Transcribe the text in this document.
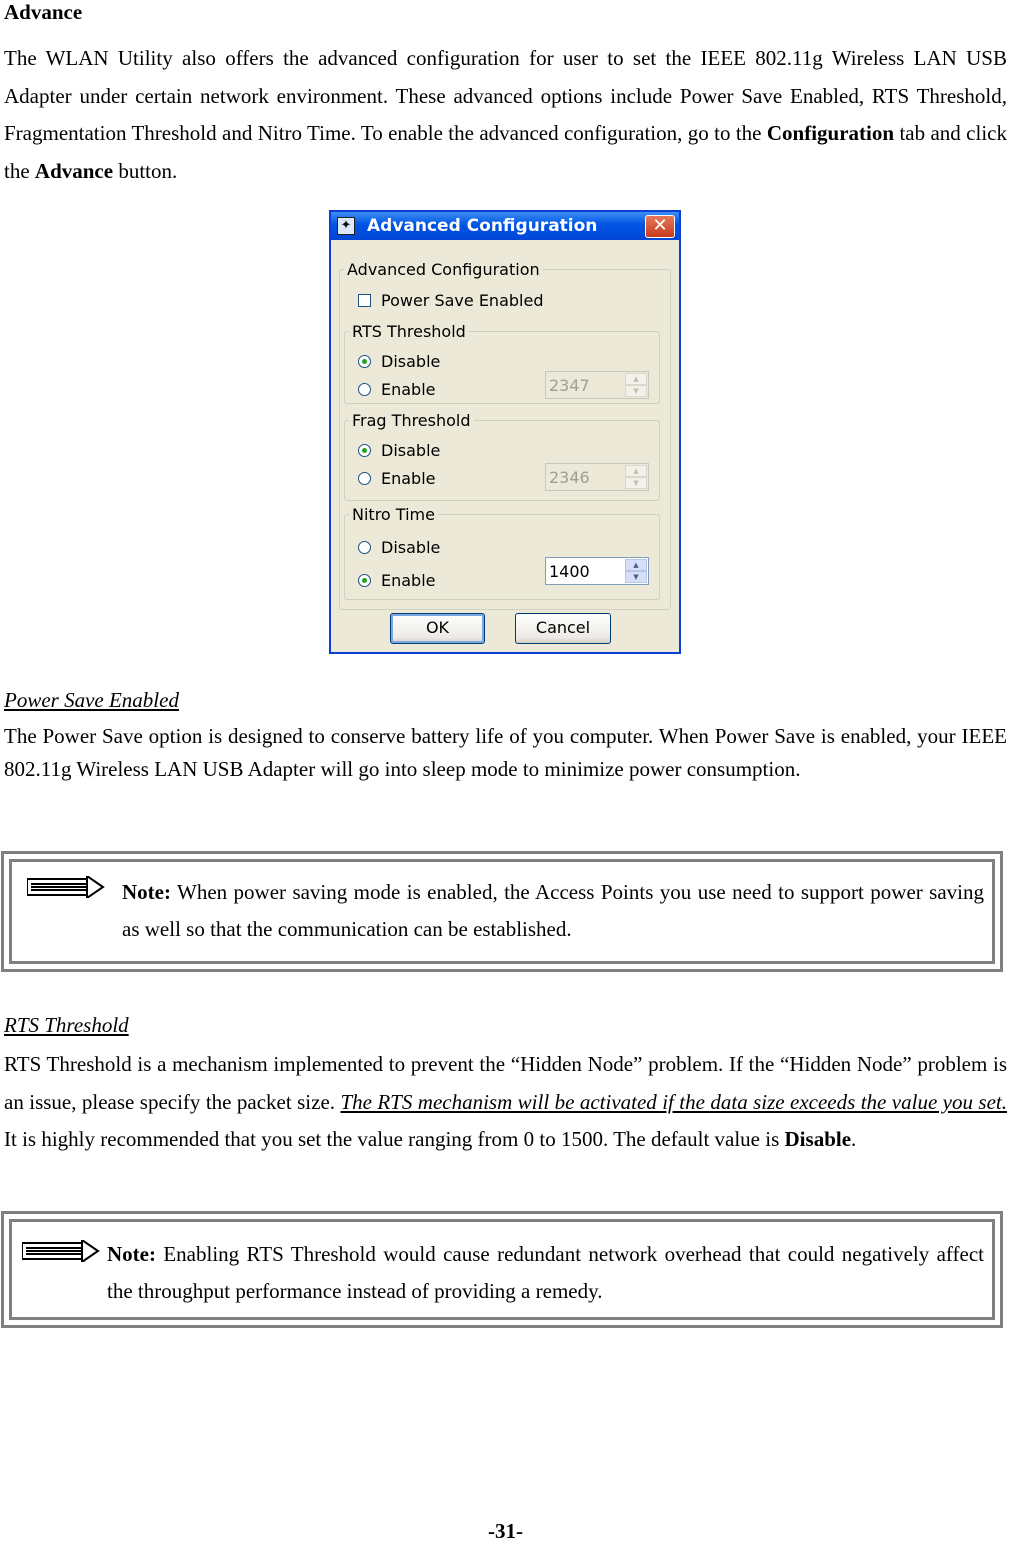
Advance
The WLAN Utility also offers the advanced configuration for user to set the IEEE 802.11g Wireless LAN USB Adapter under certain network environment. These advanced options include Power Save Enabled, RTS Threshold, Fragmentation Threshold and Nitro Time. To enable the advanced configuration, go to the Configuration tab and click the Advance button.
✦ Advanced Configuration	✕
Advanced Configuration
Power Save Enabled
RTS Threshold
Disable
Enable	2347	▲
▼
Frag Threshold
Disable
Enable	2346	▲
▼
Nitro Time
Disable
Enable	1400	▲
▼
OK	Cancel
Power Save Enabled
The Power Save option is designed to conserve battery life of you computer. When Power Save is enabled, your IEEE 802.11g Wireless LAN USB Adapter will go into sleep mode to minimize power consumption.
Note: When power saving mode is enabled, the Access Points you use need to support power saving as well so that the communication can be established.
RTS Threshold
RTS Threshold is a mechanism implemented to prevent the “Hidden Node” problem. If the “Hidden Node” problem is an issue, please specify the packet size. The RTS mechanism will be activated if the data size exceeds the value you set. It is highly recommended that you set the value ranging from 0 to 1500. The default value is Disable.
Note: Enabling RTS Threshold would cause redundant network overhead that could negatively affect the throughput performance instead of providing a remedy.
-31-
